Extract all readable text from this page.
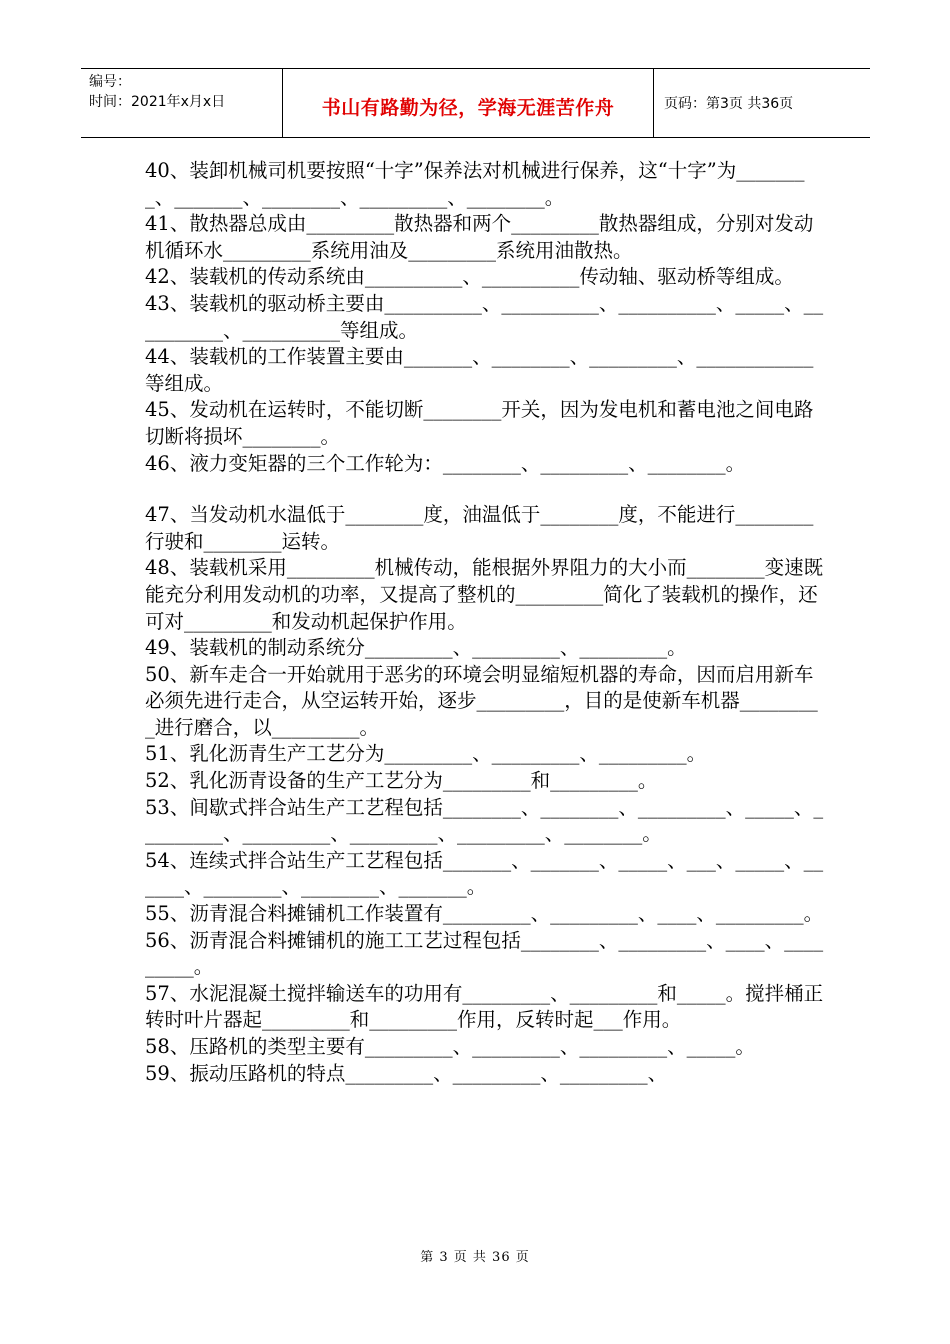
编号：
时间：2021年x月x日	书山有路勤为径，学海无涯苦作舟	页码：第3页 共36页

40、装卸机械司机要按照“十字”保养法对机械进行保养，这“十字”为________、_______、________、_________、________。

41、散热器总成由_________散热器和两个_________散热器组成，分别对发动机循环水_________系统用油及_________系统用油散热。

42、装载机的传动系统由__________、__________传动轴、驱动桥等组成。

43、装载机的驱动桥主要由__________、__________、__________、_____、__________、__________等组成。

44、装载机的工作装置主要由_______、________、_________、____________等组成。

45、发动机在运转时，不能切断________开关，因为发电机和蓄电池之间电路切断将损坏________。

46、液力变矩器的三个工作轮为：________、_________、________。

47、当发动机水温低于________度，油温低于________度，不能进行________行驶和________运转。

48、装载机采用_________机械传动，能根据外界阻力的大小而________变速既能充分利用发动机的功率，又提高了整机的_________简化了装载机的操作，还可对_________和发动机起保护作用。

49、装载机的制动系统分_________、_________、_________。

50、新车走合一开始就用于恶劣的环境会明显缩短机器的寿命，因而启用新车必须先进行走合，从空运转开始，逐步_________，目的是使新车机器_________进行磨合，以_________。

51、乳化沥青生产工艺分为_________、_________、_________。

52、乳化沥青设备的生产工艺分为_________和_________。

53、间歇式拌合站生产工艺程包括________、________、_________、_____、_________、_________、_________、_________、________。

54、连续式拌合站生产工艺程包括_______、_______、_____、___、_____、______、________、________、_______。

55、沥青混合料摊铺机工作装置有_________、_________、____、_________。

56、沥青混合料摊铺机的施工工艺过程包括________、_________、____、_________。

57、水泥混凝土搅拌输送车的功用有_________、_________和_____。搅拌桶正转时叶片器起_________和_________作用，反转时起___作用。

58、压路机的类型主要有_________、_________、_________、_____。

59、振动压路机的特点_________、_________、_________、

第 3 页 共 36 页
